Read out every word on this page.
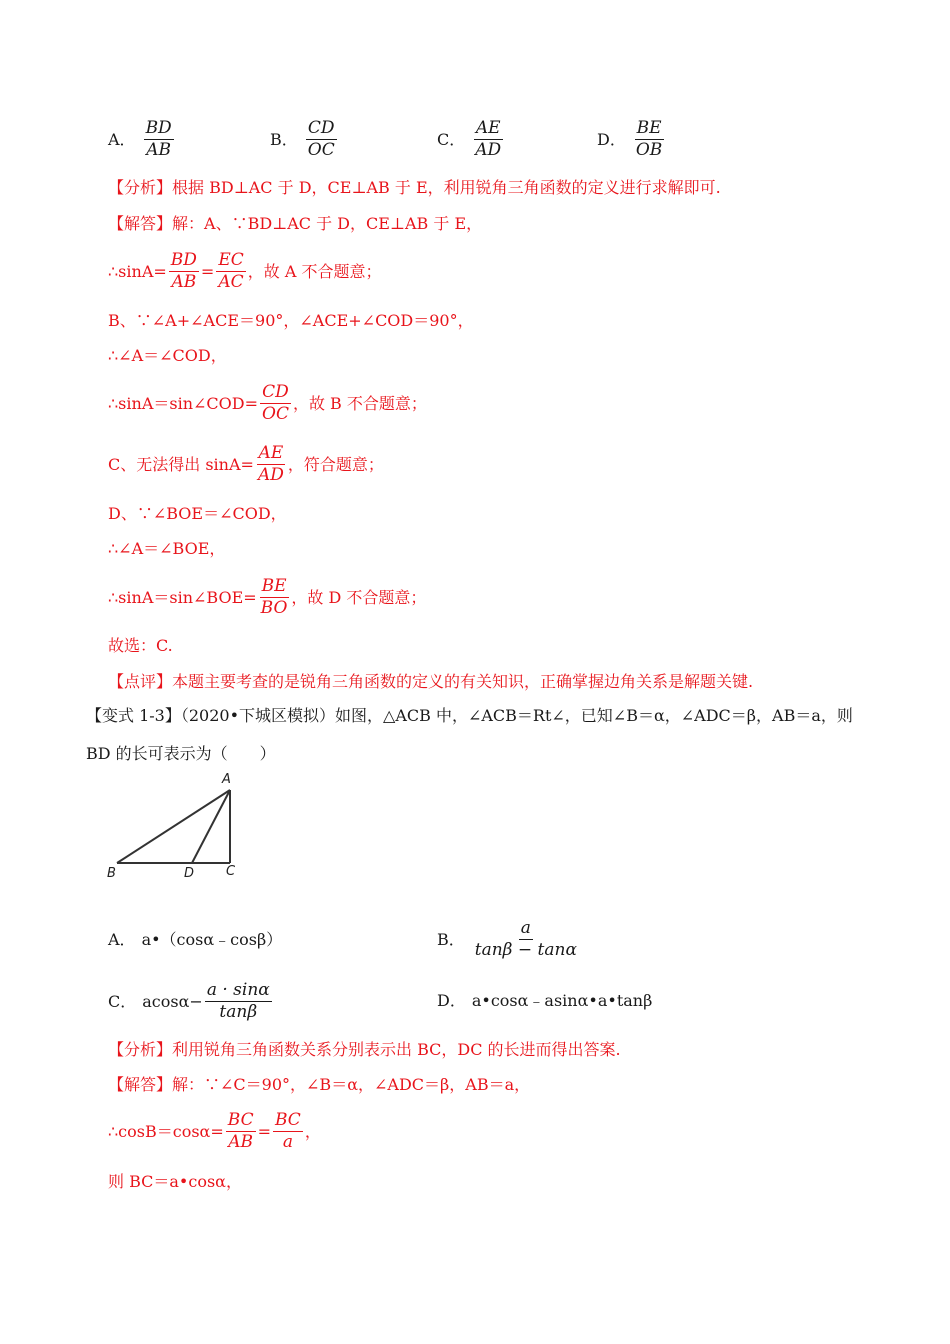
A． $\frac{BD}{AB}$	B． $\frac{CD}{OC}$	C． $\frac{AE}{AD}$	D． $\frac{BE}{OB}$
【分析】根据 BD⊥AC 于 D，CE⊥AB 于 E，利用锐角三角函数的定义进行求解即可.
【解答】解：A、∵BD⊥AC 于 D，CE⊥AB 于 E，
∴sinA= $\frac{BD}{AB} = \frac{EC}{AC}$ ，故 A 不合题意；
B、∵∠A+∠ACE＝90°，∠ACE+∠COD＝90°，
∴∠A＝∠COD，
∴sinA＝sin∠COD= $\frac{CD}{OC}$ ，故 B 不合题意；
C、无法得出 $\sin A= \frac{AE}{AD}$ ，符合题意；
D、∵∠BOE＝∠COD，
∴∠A＝∠BOE，
∴sinA＝sin∠BOE= $\frac{BE}{BO}$ ，故 D 不合题意；
故选：C.
【点评】本题主要考查的是锐角三角函数的定义的有关知识，正确掌握边角关系是解题关键.
【变式 1-3】（2020•下城区模拟）如图，△ACB 中，∠ACB＝Rt∠，已知∠B＝α，∠ADC＝β，AB＝a，则
BD 的长可表示为（　　）
A
B	C
D
A． a•（cosα﹣cosβ）	B． $\frac{a}{\tan\beta - \tan\alpha}$
C． $acos\alpha- \frac{a \cdot \sin\alpha}{\tan\beta}$	D． a•cosα﹣asinα•a•tanβ
【分析】利用锐角三角函数关系分别表示出 BC，DC 的长进而得出答案.
【解答】解：∵∠C＝90°，∠B＝α，∠ADC＝β，AB＝a，
∴cosB＝cosα= $\frac{BC}{AB} = \frac{BC}{a}$ ，
则 BC＝a•cosα，
